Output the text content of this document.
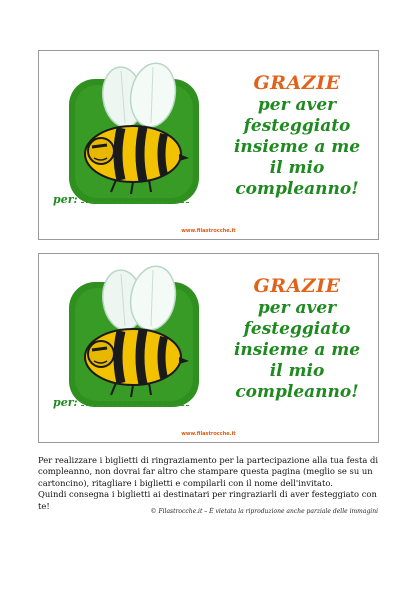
per:
GRAZIE
per aver
festeggiato
insieme a me
il mio
compleanno!
www.filastrocche.it
per:
GRAZIE
per aver
festeggiato
insieme a me
il mio
compleanno!
www.filastrocche.it
Per realizzare i biglietti di ringraziamento per la partecipazione alla tua festa di
compleanno, non dovrai far altro che stampare questa pagina (meglio se su un
cartoncino), ritagliare i biglietti e compilarli con il nome dell'invitato.
Quindi consegna i biglietti ai destinatari per ringraziarli di aver festeggiato con te!
© Filastrocche.it – È vietata la riproduzione anche parziale delle immagini
